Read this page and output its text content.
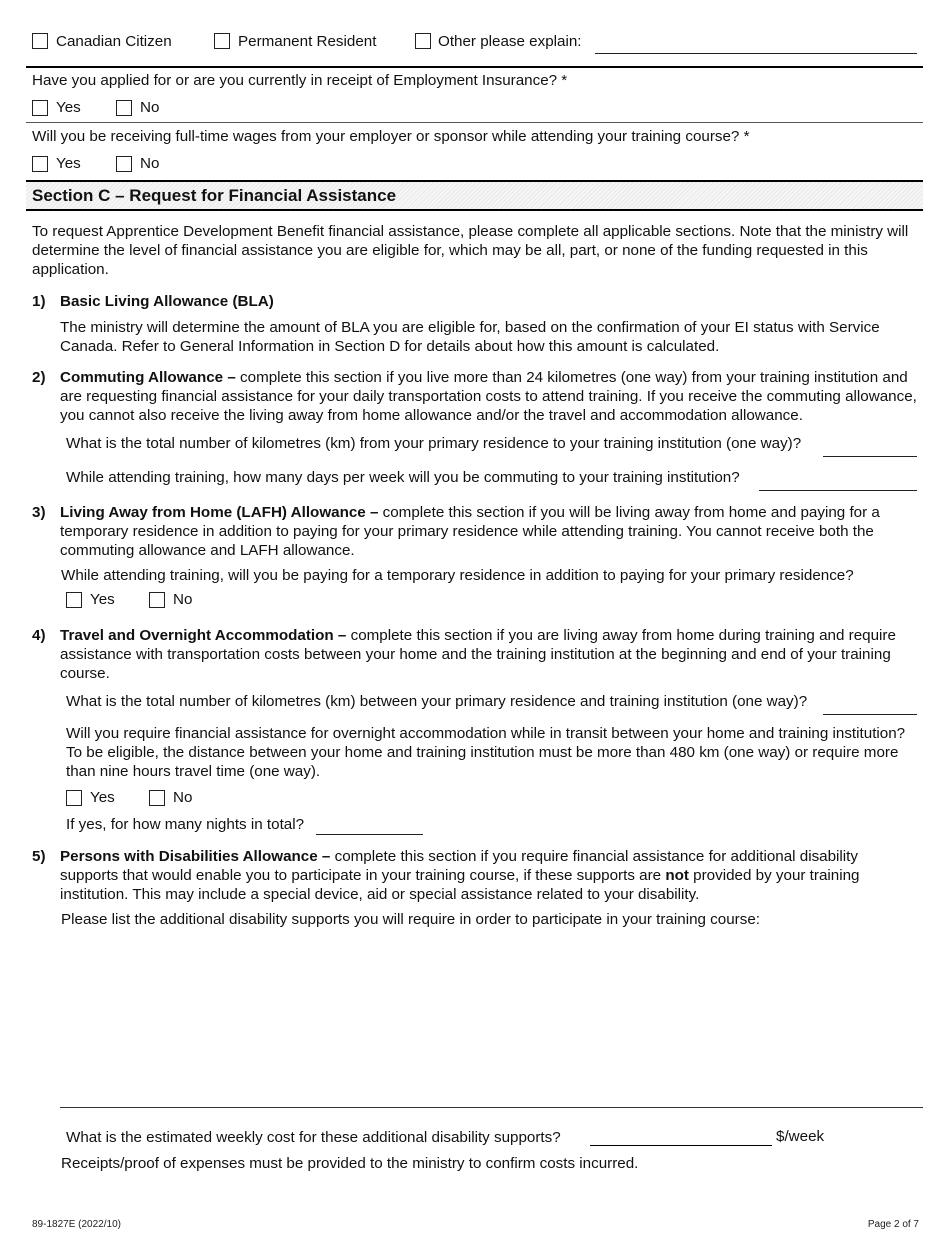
Canadian Citizen	Permanent Resident	Other please explain:
Have you applied for or are you currently in receipt of Employment Insurance? *
Yes	No
Will you be receiving full-time wages from your employer or sponsor while attending your training course? *
Yes	No
Section C – Request for Financial Assistance
To request Apprentice Development Benefit financial assistance, please complete all applicable sections. Note that the ministry will determine the level of financial assistance you are eligible for, which may be all, part, or none of the funding requested in this application.
1) Basic Living Allowance (BLA)
The ministry will determine the amount of BLA you are eligible for, based on the confirmation of your EI status with Service Canada. Refer to General Information in Section D for details about how this amount is calculated.
2) Commuting Allowance – complete this section if you live more than 24 kilometres (one way) from your training institution and are requesting financial assistance for your daily transportation costs to attend training. If you receive the commuting allowance, you cannot also receive the living away from home allowance and/or the travel and accommodation allowance.
What is the total number of kilometres (km) from your primary residence to your training institution (one way)?
While attending training, how many days per week will you be commuting to your training institution?
3) Living Away from Home (LAFH) Allowance – complete this section if you will be living away from home and paying for a temporary residence in addition to paying for your primary residence while attending training. You cannot receive both the commuting allowance and LAFH allowance.
While attending training, will you be paying for a temporary residence in addition to paying for your primary residence?
Yes	No
4) Travel and Overnight Accommodation – complete this section if you are living away from home during training and require assistance with transportation costs between your home and the training institution at the beginning and end of your training course.
What is the total number of kilometres (km) between your primary residence and training institution (one way)?
Will you require financial assistance for overnight accommodation while in transit between your home and training institution? To be eligible, the distance between your home and training institution must be more than 480 km (one way) or require more than nine hours travel time (one way).
Yes	No
If yes, for how many nights in total?
5) Persons with Disabilities Allowance – complete this section if you require financial assistance for additional disability supports that would enable you to participate in your training course, if these supports are not provided by your training institution. This may include a special device, aid or special assistance related to your disability.
Please list the additional disability supports you will require in order to participate in your training course:
What is the estimated weekly cost for these additional disability supports?	$/week
Receipts/proof of expenses must be provided to the ministry to confirm costs incurred.
89-1827E (2022/10)	Page 2 of 7
